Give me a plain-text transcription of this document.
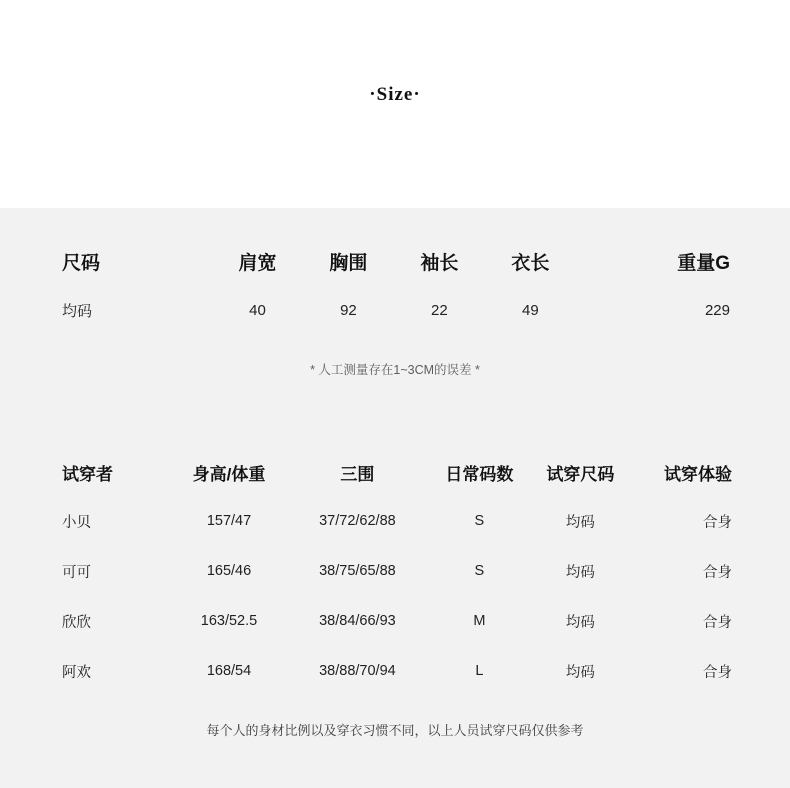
·Size·
尺码	肩宽	胸围	袖长	衣长	重量G
均码	40	92	22	49	229
* 人工测量存在1~3CM的误差 *
试穿者	身高/体重	三围	日常码数	试穿尺码	试穿体验
小贝	157/47	37/72/62/88	S	均码	合身
可可	165/46	38/75/65/88	S	均码	合身
欣欣	163/52.5	38/84/66/93	M	均码	合身
阿欢	168/54	38/88/70/94	L	均码	合身
每个人的身材比例以及穿衣习惯不同，以上人员试穿尺码仅供参考
